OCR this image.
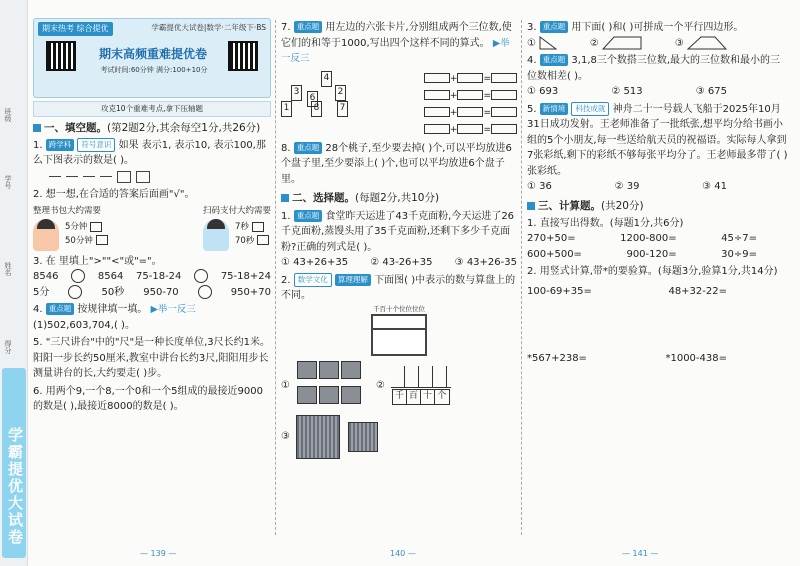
班级
学号
姓名
得分
学霸提优大试卷
期末热考 综合提优	学霸提优大试卷|数学·二年级下·BS
期末高频重难提优卷
考试时间:60分钟 满分:100+10分
攻克10个重难考点,拿下压轴题
一、填空题。(第2题2分,其余每空1分,共26分)
1. 跨学科 符号意识 如果 表示1, 表示10, 表示100,那么下图表示的数是( )。
2. 想一想,在合适的答案后面画"√"。
整理书包大约需要
5分钟
50分钟
扫码支付大约需要
7秒
70秒
3. 在 里填上">""<"或"="。
8546	8564 75-18-24	75-18+24
5分	50秒 950-70	950+70
4. 重点题 按规律填一填。 ▶举一反三
(1)502,603,704,( )。
5. "三尺讲台"中的"尺"是一种长度单位,3尺长约1米。阳阳一步长约50厘米,教室中讲台长约3尺,阳阳用步长测量讲台的长,大约要走( )步。
6. 用两个9,一个8,一个0和一个5组成的最接近9000的数是( ),最接近8000的数是( )。
7. 重点题 用左边的六张卡片,分别组成两个三位数,使它们的和等于1000,写出四个这样不同的算式。 ▶举一反三
4
3	2
6
1	8 7
+	=
+	=
+	=
+	=
8. 重点题 28个桃子,至少要去掉( )个,可以平均放进6个盘子里,至少要添上( )个,也可以平均放进6个盘子里。
二、选择题。(每题2分,共10分)
1. 重点题 食堂昨天运进了43千克面粉,今天运进了26千克面粉,蒸馒头用了35千克面粉,还剩下多少千克面粉?正确的列式是( )。
① 43+26+35 ② 43-26+35 ③ 43+26-35
2. 数学文化 算理理解 下面图( )中表示的数与算盘上的不同。
千百十个位位位位
①
	②
千 百 十 个
③
3. 重点题 用下面( )和( )可拼成一个平行四边形。
①	②	③
4. 重点题 3,1,8三个数搭三位数,最大的三位数和最小的三位数相差( )。
① 693	② 513	③ 675
5. 新情境 科技成就 神舟二十一号载人飞船于2025年10月31日成功发射。王老师准备了一批纸张,想平均分给书画小组的5个小朋友,每一些送给航天员的祝福语。实际每人拿到7张彩纸,剩下的彩纸不够每张平均分了。王老师最多带了( )张彩纸。
① 36	② 39	③ 41
三、计算题。(共20分)
1. 直接写出得数。(每题1分,共6分)
270+50=	1200-800=	45÷7=
600+500=	900-120=	30÷9=
2. 用竖式计算,带*的要验算。(每题3分,验算1分,共14分)
100-69+35=	48+32-22=
*567+238=	*1000-438=
— 139 —	140 —	— 141 —
